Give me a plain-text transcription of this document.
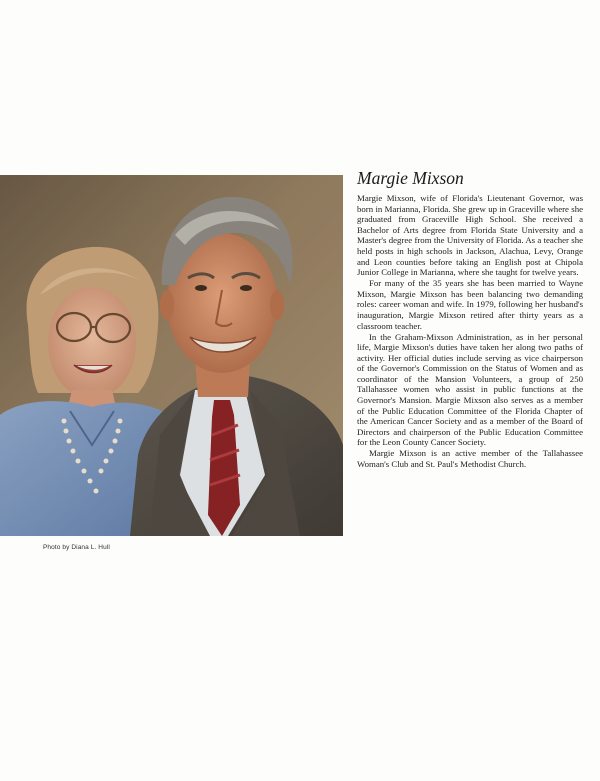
Photo by Diana L. Hull
Margie Mixson

Margie Mixson, wife of Florida's Lieutenant Governor, was born in Marianna, Florida. She grew up in Graceville where she graduated from Graceville High School. She received a Bachelor of Arts degree from Florida State University and a Master's degree from the University of Florida. As a teacher she held posts in high schools in Jackson, Alachua, Levy, Orange and Leon counties before taking an English post at Chipola Junior College in Marianna, where she taught for twelve years.

For many of the 35 years she has been married to Wayne Mixson, Margie Mixson has been balancing two demanding roles: career woman and wife. In 1979, following her husband's inauguration, Margie Mixson retired after thirty years as a classroom teacher.

In the Graham-Mixson Administration, as in her personal life, Margie Mixson's duties have taken her along two paths of activity. Her official duties include serving as vice chairperson of the Governor's Commission on the Status of Women and as coordinator of the Mansion Volunteers, a group of 250 Tallahassee women who assist in public functions at the Governor's Mansion. Margie Mixson also serves as a member of the Public Education Committee of the Florida Chapter of the American Cancer Society and as a member of the Board of Directors and chairperson of the Public Education Committee for the Leon County Cancer Society.

Margie Mixson is an active member of the Tallahassee Woman's Club and St. Paul's Methodist Church.
